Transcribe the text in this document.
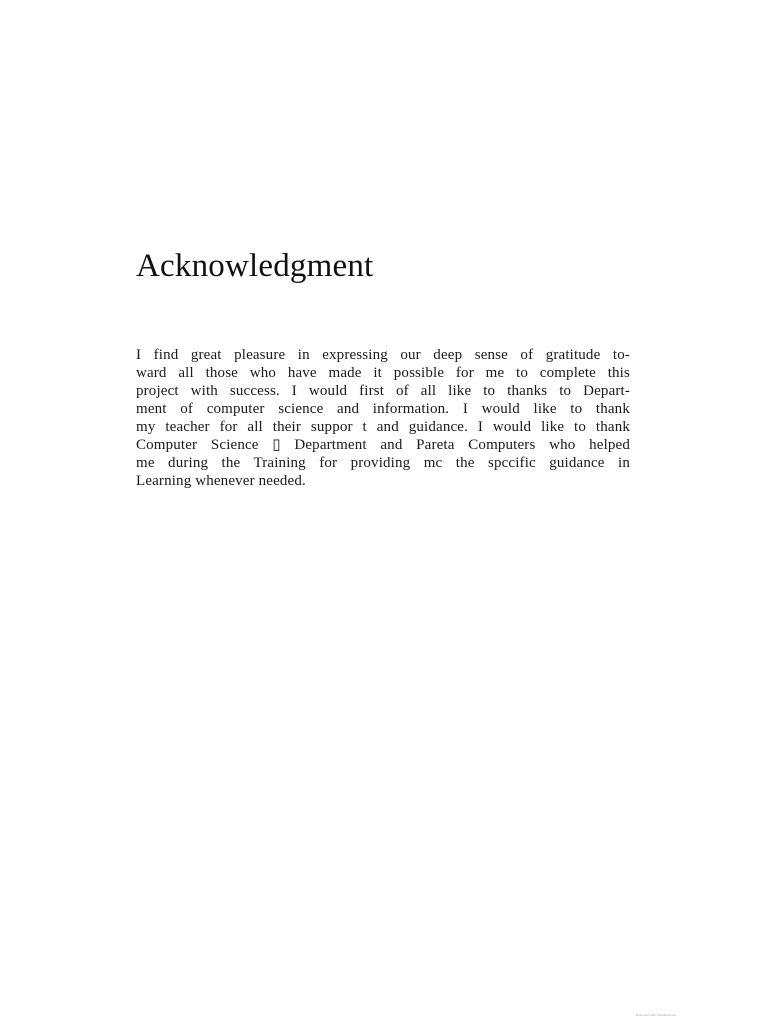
Acknowledgment
I find great pleasure in expressing our deep sense of gratitude to-
ward all those who have made it possible for me to complete this
project with success. I would first of all like to thanks to Depart-
ment of computer science and information. I would like to thank
my teacher for all their suppor t and guidance. I would like to thank
Computer Science ▯ Department and Pareta Computers who helped
me during the Training for providing mc the spccific guidance in
Learning whenever needed.
Scanned with CamScanner
